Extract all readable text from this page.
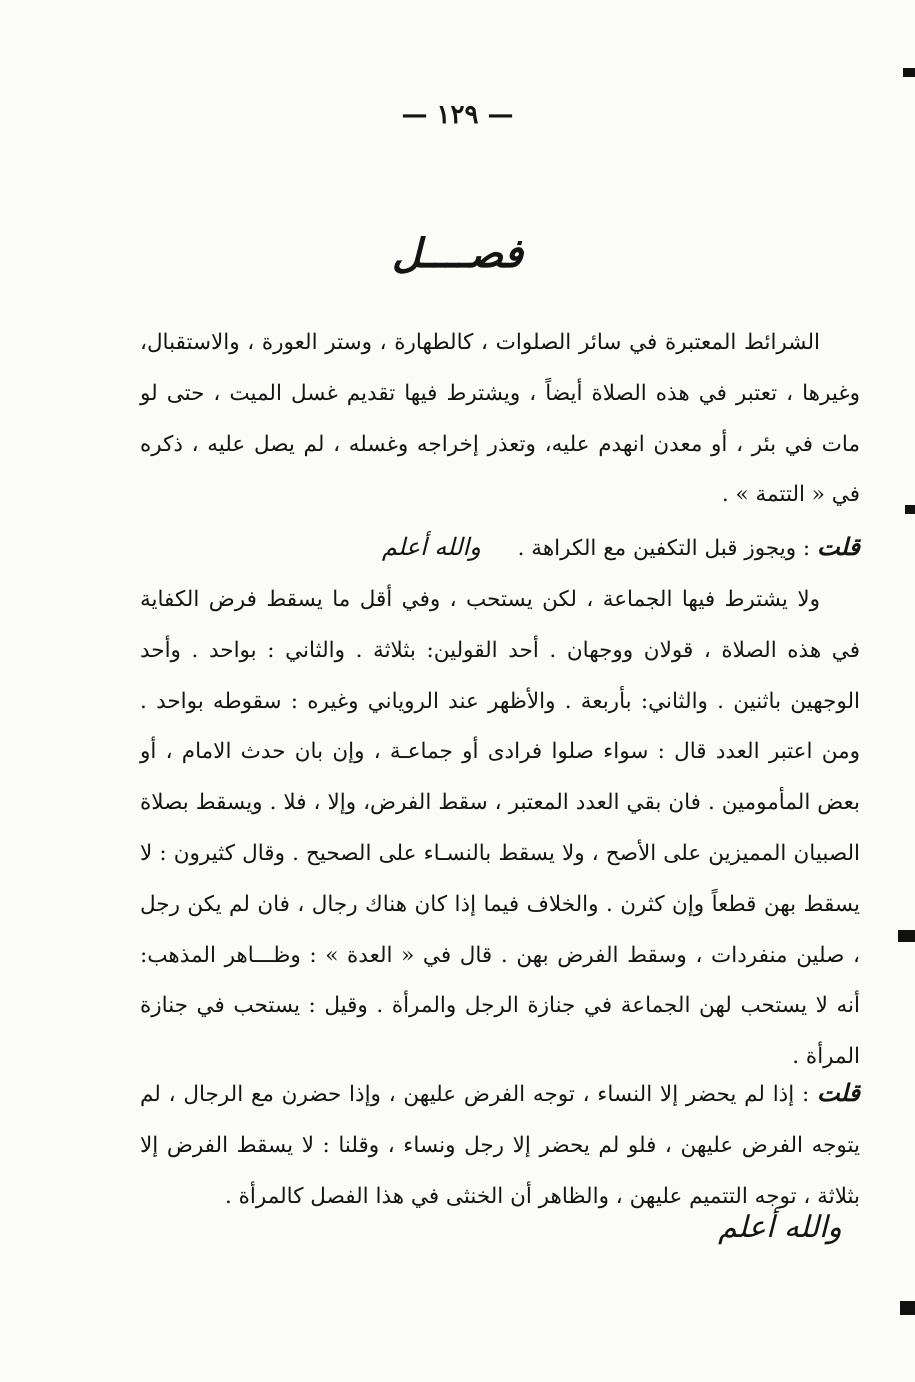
— ١٢٩ —
فصــــل

الشرائط المعتبرة في سائر الصلوات ، كالطهارة ، وستر العورة ، والاستقبال، وغيرها ، تعتبر في هذه الصلاة أيضاً ، ويشترط فيها تقديم غسل الميت ، حتى لو مات في بئر ، أو معدن انهدم عليه، وتعذر إخراجه وغسله ، لم يصل عليه ، ذكره في « التتمة » .

قلت : ويجوز قبل التكفين مع الكراهة . والله أعلم

ولا يشترط فيها الجماعة ، لكن يستحب ، وفي أقل ما يسقط فرض الكفاية في هذه الصلاة ، قولان ووجهان . أحد القولين: بثلاثة . والثاني : بواحد . وأحد الوجهين باثنين . والثاني: بأربعة . والأظهر عند الروياني وغيره : سقوطه بواحد . ومن اعتبر العدد قال : سواء صلوا فرادى أو جماعـة ، وإن بان حدث الامام ، أو بعض المأمومين . فان بقي العدد المعتبر ، سقط الفرض، وإلا ، فلا . ويسقط بصلاة الصبيان المميزين على الأصح ، ولا يسقط بالنسـاء على الصحيح . وقال كثيرون : لا يسقط بهن قطعاً وإن كثرن . والخلاف فيما إذا كان هناك رجال ، فان لم يكن رجل ، صلين منفردات ، وسقط الفرض بهن . قال في « العدة » : وظـــاهر المذهب: أنه لا يستحب لهن الجماعة في جنازة الرجل والمرأة . وقيل : يستحب في جنازة المرأة .

قلت : إذا لم يحضر إلا النساء ، توجه الفرض عليهن ، وإذا حضرن مع الرجال ، لم يتوجه الفرض عليهن ، فلو لم يحضر إلا رجل ونساء ، وقلنا : لا يسقط الفرض إلا بثلاثة ، توجه التتميم عليهن ، والظاهر أن الخنثى في هذا الفصل كالمرأة .

والله أعلم
